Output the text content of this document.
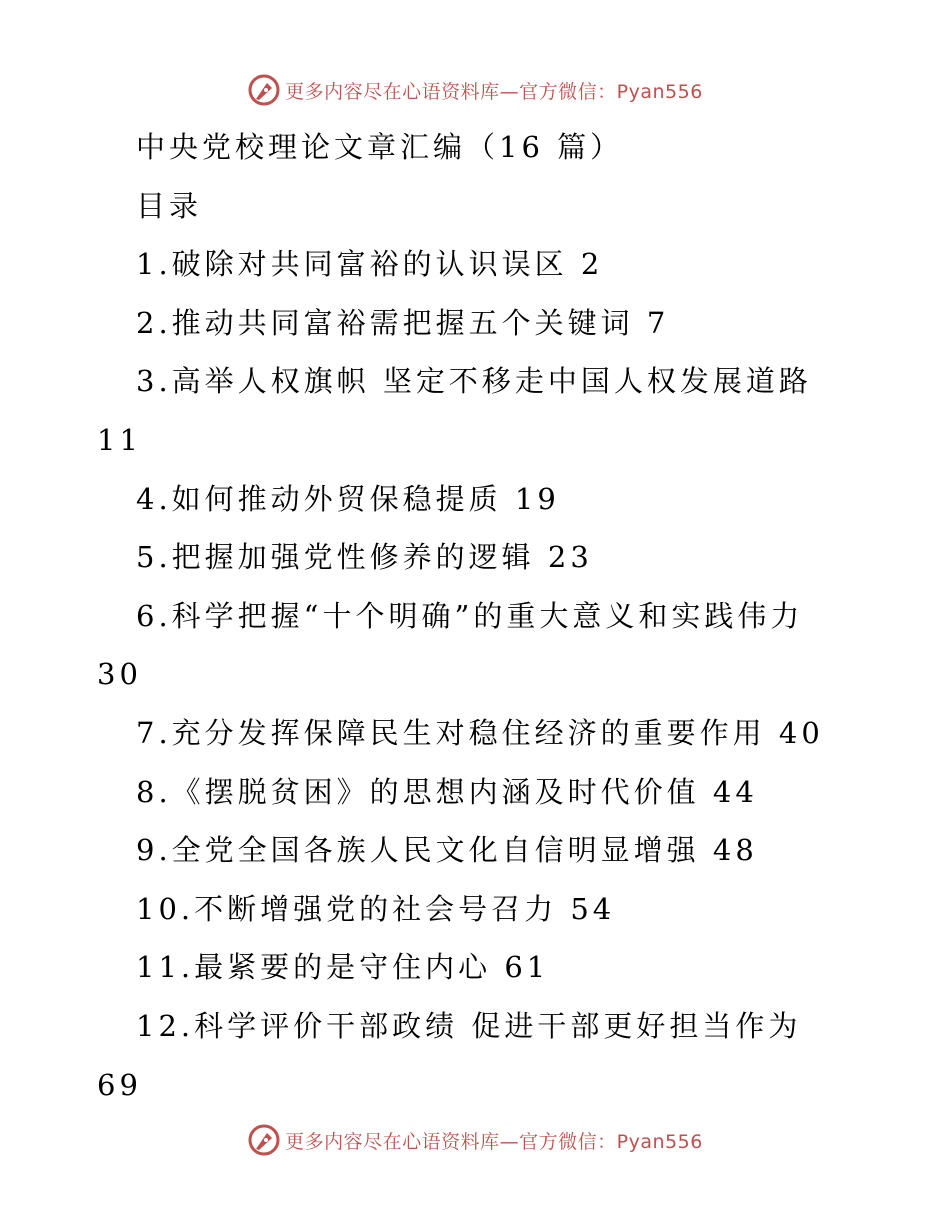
更多内容尽在心语资料库—官方微信：Pyan556
中央党校理论文章汇编（16 篇）
目录
1.破除对共同富裕的认识误区 2
2.推动共同富裕需把握五个关键词 7
3.高举人权旗帜 坚定不移走中国人权发展道路
11
4.如何推动外贸保稳提质 19
5.把握加强党性修养的逻辑 23
6.科学把握“十个明确”的重大意义和实践伟力
30
7.充分发挥保障民生对稳住经济的重要作用 40
8.《摆脱贫困》的思想内涵及时代价值 44
9.全党全国各族人民文化自信明显增强 48
10.不断增强党的社会号召力 54
11.最紧要的是守住内心 61
12.科学评价干部政绩 促进干部更好担当作为
69
更多内容尽在心语资料库—官方微信：Pyan556
